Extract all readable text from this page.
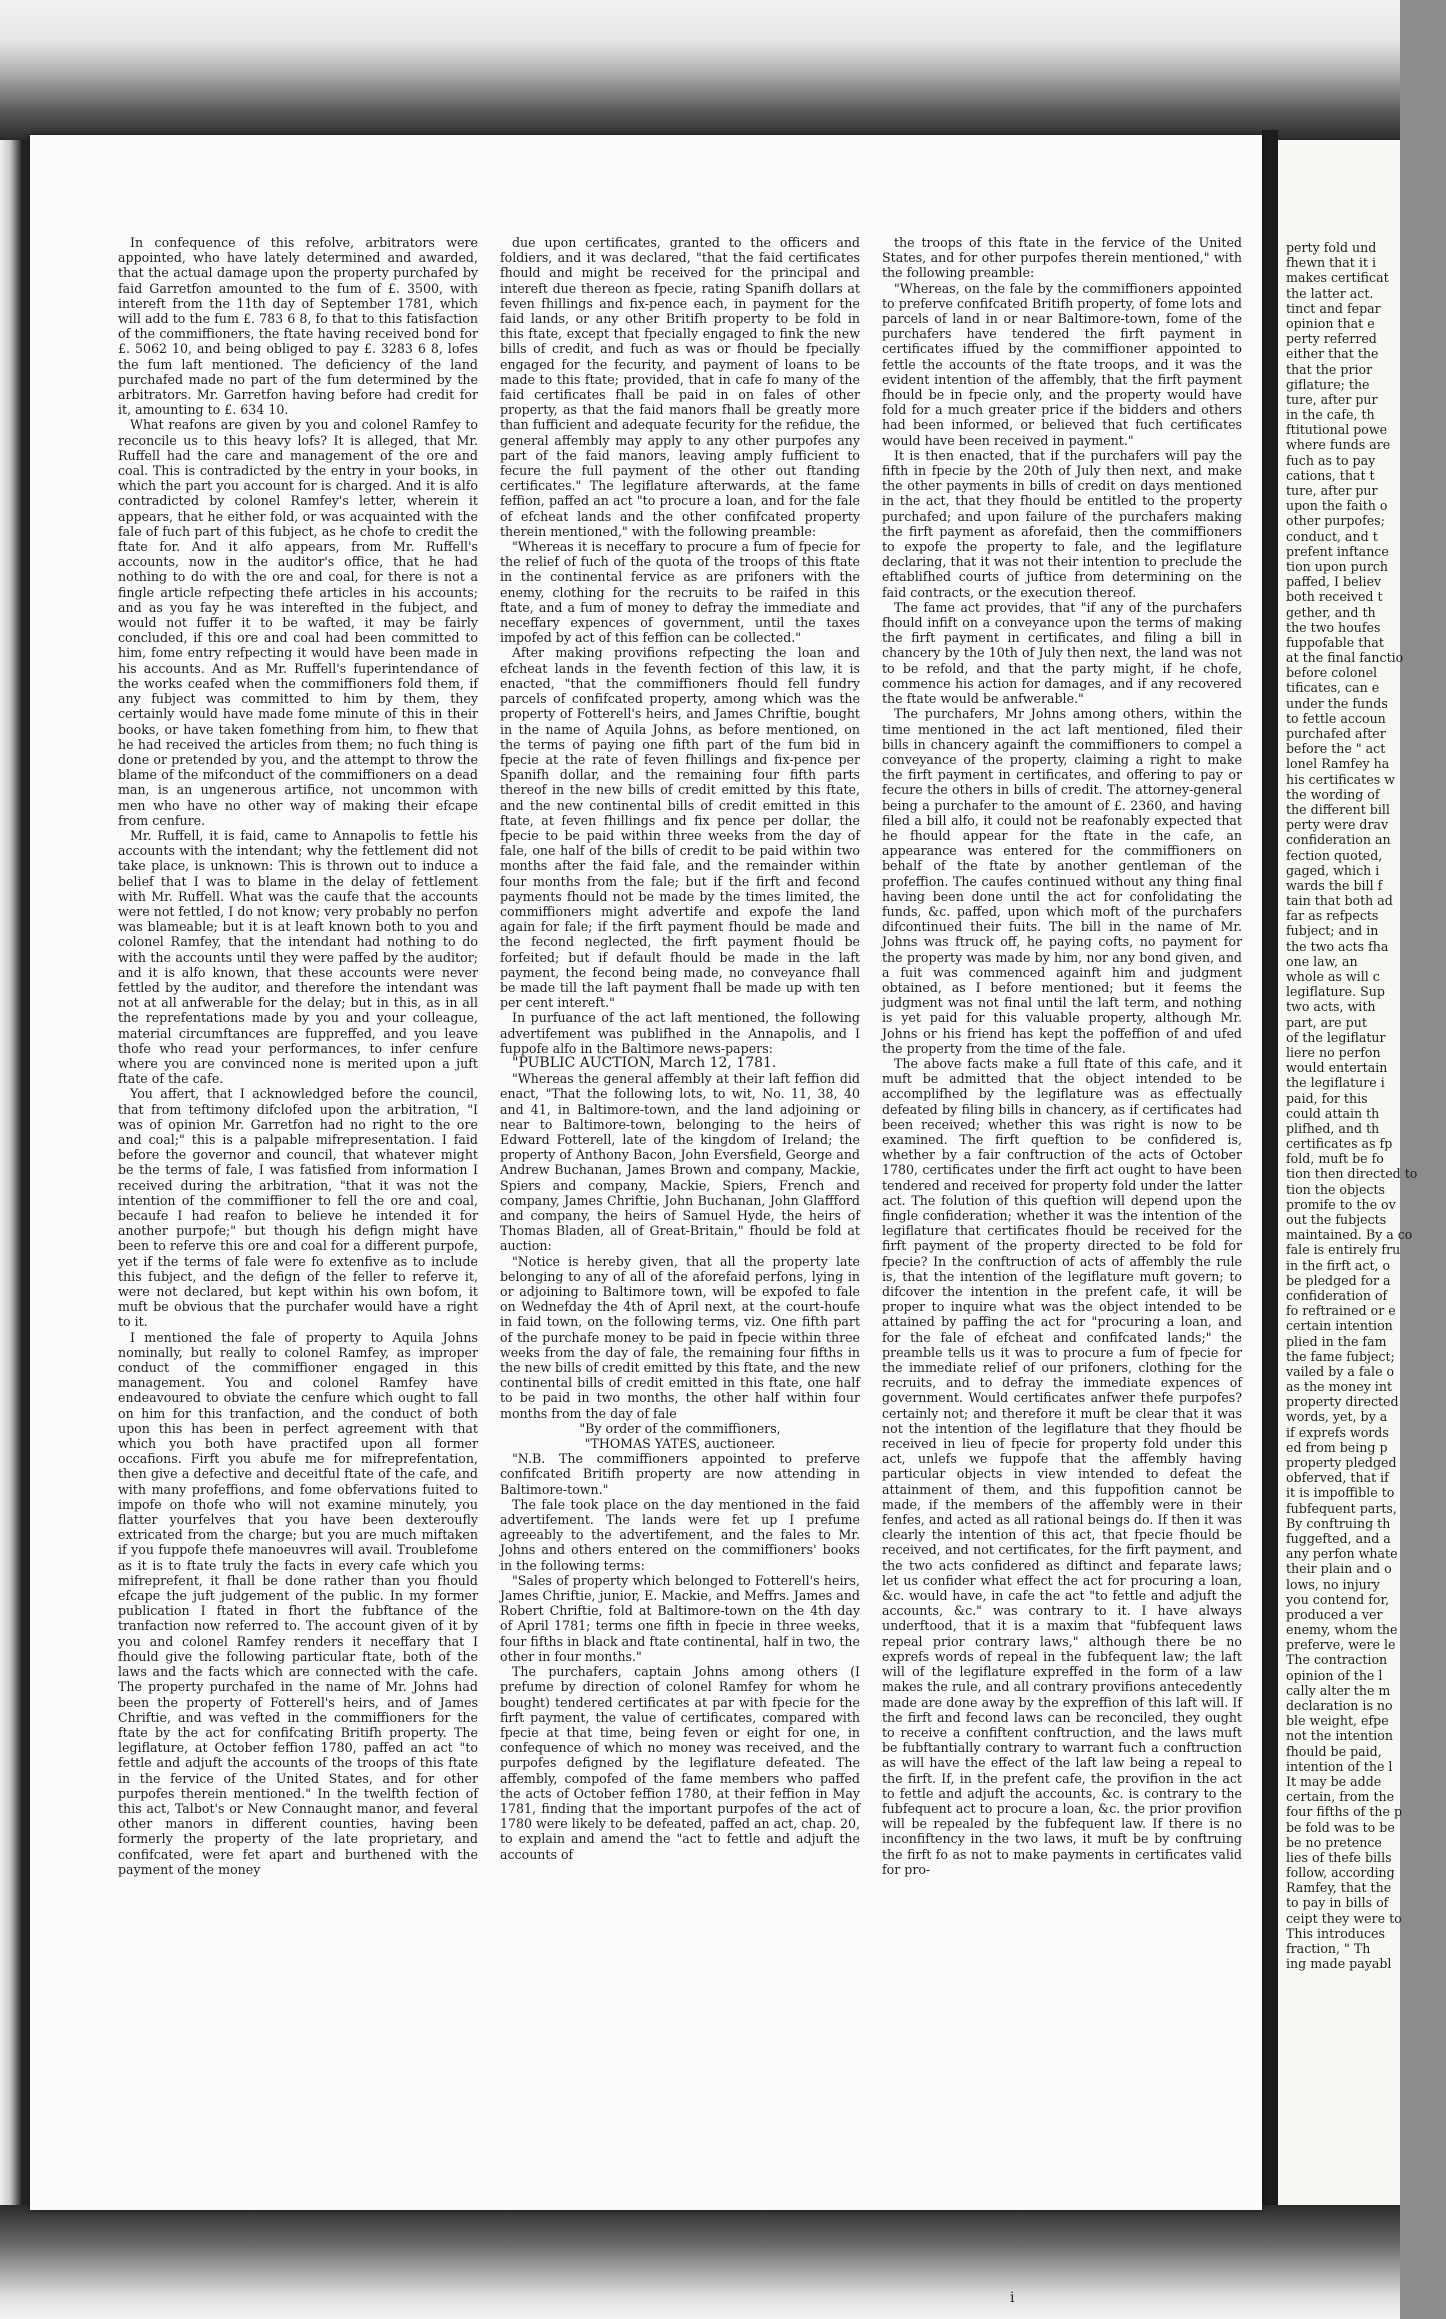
In confequence of this refolve, arbitrators were appointed, who have lately determined and awarded, that the actual damage upon the property purchafed by faid Garretfon amounted to the fum of £. 3500, with intereft from the 11th day of September 1781, which will add to the fum £. 783 6 8, fo that to this fatisfaction of the commiffioners, the ftate having received bond for £. 5062 10, and being obliged to pay £. 3283 6 8, lofes the fum laft mentioned. The deficiency of the land purchafed made no part of the fum determined by the arbitrators. Mr. Garretfon having before had credit for it, amounting to £. 634 10.

What reafons are given by you and colonel Ramfey to reconcile us to this heavy lofs? It is alleged, that Mr. Ruffell had the care and management of the ore and coal. This is contradicted by the entry in your books, in which the part you account for is charged. And it is alfo contradicted by colonel Ramfey's letter, wherein it appears, that he either fold, or was acquainted with the fale of fuch part of this fubject, as he chofe to credit the ftate for. And it alfo appears, from Mr. Ruffell's accounts, now in the auditor's office, that he had nothing to do with the ore and coal, for there is not a fingle article refpecting thefe articles in his accounts; and as you fay he was interefted in the fubject, and would not fuffer it to be wafted, it may be fairly concluded, if this ore and coal had been committed to him, fome entry refpecting it would have been made in his accounts. And as Mr. Ruffell's fuperintendance of the works ceafed when the commiffioners fold them, if any fubject was committed to him by them, they certainly would have made fome minute of this in their books, or have taken fomething from him, to fhew that he had received the articles from them; no fuch thing is done or pretended by you, and the attempt to throw the blame of the mifconduct of the commiffioners on a dead man, is an ungenerous artifice, not uncommon with men who have no other way of making their efcape from cenfure.

Mr. Ruffell, it is faid, came to Annapolis to fettle his accounts with the intendant; why the fettlement did not take place, is unknown: This is thrown out to induce a belief that I was to blame in the delay of fettlement with Mr. Ruffell. What was the caufe that the accounts were not fettled, I do not know; very probably no perfon was blameable; but it is at leaft known both to you and colonel Ramfey, that the intendant had nothing to do with the accounts until they were paffed by the auditor; and it is alfo known, that these accounts were never fettled by the auditor, and therefore the intendant was not at all anfwerable for the delay; but in this, as in all the reprefentations made by you and your colleague, material circumftances are fuppreffed, and you leave thofe who read your performances, to infer cenfure where you are convinced none is merited upon a juft ftate of the cafe.

You affert, that I acknowledged before the council, that from teftimony difclofed upon the arbitration, "I was of opinion Mr. Garretfon had no right to the ore and coal;" this is a palpable mifrepresentation. I faid before the governor and council, that whatever might be the terms of fale, I was fatisfied from information I received during the arbitration, "that it was not the intention of the commiffioner to fell the ore and coal, becaufe I had reafon to believe he intended it for another purpofe;" but though his defign might have been to referve this ore and coal for a different purpofe, yet if the terms of fale were fo extenfive as to include this fubject, and the defign of the feller to referve it, were not declared, but kept within his own bofom, it muft be obvious that the purchafer would have a right to it.

I mentioned the fale of property to Aquila Johns nominally, but really to colonel Ramfey, as improper conduct of the commiffioner engaged in this management. You and colonel Ramfey have endeavoured to obviate the cenfure which ought to fall on him for this tranfaction, and the conduct of both upon this has been in perfect agreement with that which you both have practifed upon all former occafions. Firft you abufe me for mifreprefentation, then give a defective and deceitful ftate of the cafe, and with many profeffions, and fome obfervations fuited to impofe on thofe who will not examine minutely, you flatter yourfelves that you have been dexteroufly extricated from the charge; but you are much miftaken if you fuppofe thefe manoeuvres will avail. Troublefome as it is to ftate truly the facts in every cafe which you mifreprefent, it fhall be done rather than you fhould efcape the juft judgement of the public. In my former publication I ftated in fhort the fubftance of the tranfaction now referred to. The account given of it by you and colonel Ramfey renders it neceffary that I fhould give the following particular ftate, both of the laws and the facts which are connected with the cafe. The property purchafed in the name of Mr. Johns had been the property of Fotterell's heirs, and of James Chriftie, and was vefted in the commiffioners for the ftate by the act for confifcating Britifh property. The legiflature, at October feffion 1780, paffed an act "to fettle and adjuft the accounts of the troops of this ftate in the fervice of the United States, and for other purpofes therein mentioned." In the twelfth fection of this act, Talbot's or New Connaught manor, and feveral other manors in different counties, having been formerly the property of the late proprietary, and confifcated, were fet apart and burthened with the payment of the money

due upon certificates, granted to the officers and foldiers, and it was declared, "that the faid certificates fhould and might be received for the principal and intereft due thereon as fpecie, rating Spanifh dollars at feven fhillings and fix-pence each, in payment for the faid lands, or any other Britifh property to be fold in this ftate, except that fpecially engaged to fink the new bills of credit, and fuch as was or fhould be fpecially engaged for the fecurity, and payment of loans to be made to this ftate; provided, that in cafe fo many of the faid certificates fhall be paid in on fales of other property, as that the faid manors fhall be greatly more than fufficient and adequate fecurity for the refidue, the general affembly may apply to any other purpofes any part of the faid manors, leaving amply fufficient to fecure the full payment of the other out ftanding certificates." The legiflature afterwards, at the fame feffion, paffed an act "to procure a loan, and for the fale of efcheat lands and the other confifcated property therein mentioned," with the following preamble:

"Whereas it is neceffary to procure a fum of fpecie for the relief of fuch of the quota of the troops of this ftate in the continental fervice as are prifoners with the enemy, clothing for the recruits to be raifed in this ftate, and a fum of money to defray the immediate and neceffary expences of government, until the taxes impofed by act of this feffion can be collected."

After making provifions refpecting the loan and efcheat lands in the feventh fection of this law, it is enacted, "that the commiffioners fhould fell fundry parcels of confifcated property, among which was the property of Fotterell's heirs, and James Chriftie, bought in the name of Aquila Johns, as before mentioned, on the terms of paying one fifth part of the fum bid in fpecie at the rate of feven fhillings and fix-pence per Spanifh dollar, and the remaining four fifth parts thereof in the new bills of credit emitted by this ftate, and the new continental bills of credit emitted in this ftate, at feven fhillings and fix pence per dollar, the fpecie to be paid within three weeks from the day of fale, one half of the bills of credit to be paid within two months after the faid fale, and the remainder within four months from the fale; but if the firft and fecond payments fhould not be made by the times limited, the commiffioners might advertife and expofe the land again for fale; if the firft payment fhould be made and the fecond neglected, the firft payment fhould be forfeited; but if default fhould be made in the laft payment, the fecond being made, no conveyance fhall be made till the laft payment fhall be made up with ten per cent intereft."

In purfuance of the act laft mentioned, the following advertifement was publifhed in the Annapolis, and I fuppofe alfo in the Baltimore news-papers:

"PUBLIC AUCTION, March 12, 1781.

"Whereas the general affembly at their laft feffion did enact, "That the following lots, to wit, No. 11, 38, 40 and 41, in Baltimore-town, and the land adjoining or near to Baltimore-town, belonging to the heirs of Edward Fotterell, late of the kingdom of Ireland; the property of Anthony Bacon, John Eversfield, George and Andrew Buchanan, James Brown and company, Mackie, Spiers and company, Mackie, Spiers, French and company, James Chriftie, John Buchanan, John Glaffford and company, the heirs of Samuel Hyde, the heirs of Thomas Bladen, all of Great-Britain," fhould be fold at auction:

"Notice is hereby given, that all the property late belonging to any of all of the aforefaid perfons, lying in or adjoining to Baltimore town, will be expofed to fale on Wednefday the 4th of April next, at the court-houfe in faid town, on the following terms, viz. One fifth part of the purchafe money to be paid in fpecie within three weeks from the day of fale, the remaining four fifths in the new bills of credit emitted by this ftate, and the new continental bills of credit emitted in this ftate, one half to be paid in two months, the other half within four months from the day of fale

"By order of the commiffioners,

"THOMAS YATES, auctioneer.

"N.B. The commiffioners appointed to preferve confifcated Britifh property are now attending in Baltimore-town."

The fale took place on the day mentioned in the faid advertifement. The lands were fet up I prefume agreeably to the advertifement, and the fales to Mr. Johns and others entered on the commiffioners' books in the following terms:

"Sales of property which belonged to Fotterell's heirs, James Chriftie, junior, E. Mackie, and Meffrs. James and Robert Chriftie, fold at Baltimore-town on the 4th day of April 1781; terms one fifth in fpecie in three weeks, four fifths in black and ftate continental, half in two, the other in four months."

The purchafers, captain Johns among others (I prefume by direction of colonel Ramfey for whom he bought) tendered certificates at par with fpecie for the firft payment, the value of certificates, compared with fpecie at that time, being feven or eight for one, in confequence of which no money was received, and the purpofes defigned by the legiflature defeated. The affembly, compofed of the fame members who paffed the acts of October feffion 1780, at their feffion in May 1781, finding that the important purpofes of the act of 1780 were likely to be defeated, paffed an act, chap. 20, to explain and amend the "act to fettle and adjuft the accounts of

the troops of this ftate in the fervice of the United States, and for other purpofes therein mentioned," with the following preamble:

"Whereas, on the fale by the commiffioners appointed to preferve confifcated Britifh property, of fome lots and parcels of land in or near Baltimore-town, fome of the purchafers have tendered the firft payment in certificates iffued by the commiffioner appointed to fettle the accounts of the ftate troops, and it was the evident intention of the affembly, that the firft payment fhould be in fpecie only, and the property would have fold for a much greater price if the bidders and others had been informed, or believed that fuch certificates would have been received in payment."

It is then enacted, that if the purchafers will pay the fifth in fpecie by the 20th of July then next, and make the other payments in bills of credit on days mentioned in the act, that they fhould be entitled to the property purchafed; and upon failure of the purchafers making the firft payment as aforefaid, then the commiffioners to expofe the property to fale, and the legiflature declaring, that it was not their intention to preclude the eftablifhed courts of juftice from determining on the faid contracts, or the execution thereof.

The fame act provides, that "if any of the purchafers fhould infift on a conveyance upon the terms of making the firft payment in certificates, and filing a bill in chancery by the 10th of July then next, the land was not to be refold, and that the party might, if he chofe, commence his action for damages, and if any recovered the ftate would be anfwerable."

The purchafers, Mr Johns among others, within the time mentioned in the act laft mentioned, filed their bills in chancery againft the commiffioners to compel a conveyance of the property, claiming a right to make the firft payment in certificates, and offering to pay or fecure the others in bills of credit. The attorney-general being a purchafer to the amount of £. 2360, and having filed a bill alfo, it could not be reafonably expected that he fhould appear for the ftate in the cafe, an appearance was entered for the commiffioners on behalf of the ftate by another gentleman of the profeffion. The caufes continued without any thing final having been done until the act for confolidating the funds, &c. paffed, upon which moft of the purchafers difcontinued their fuits. The bill in the name of Mr. Johns was ftruck off, he paying cofts, no payment for the property was made by him, nor any bond given, and a fuit was commenced againft him and judgment obtained, as I before mentioned; but it feems the judgment was not final until the laft term, and nothing is yet paid for this valuable property, although Mr. Johns or his friend has kept the poffeffion of and ufed the property from the time of the fale.

The above facts make a full ftate of this cafe, and it muft be admitted that the object intended to be accomplifhed by the legiflature was as effectually defeated by filing bills in chancery, as if certificates had been received; whether this was right is now to be examined. The firft queftion to be confidered is, whether by a fair conftruction of the acts of October 1780, certificates under the firft act ought to have been tendered and received for property fold under the latter act. The folution of this queftion will depend upon the fingle confideration; whether it was the intention of the legiflature that certificates fhould be received for the firft payment of the property directed to be fold for fpecie? In the conftruction of acts of affembly the rule is, that the intention of the legiflature muft govern; to difcover the intention in the prefent cafe, it will be proper to inquire what was the object intended to be attained by paffing the act for "procuring a loan, and for the fale of efcheat and confifcated lands;" the preamble tells us it was to procure a fum of fpecie for the immediate relief of our prifoners, clothing for the recruits, and to defray the immediate expences of government. Would certificates anfwer thefe purpofes? certainly not; and therefore it muft be clear that it was not the intention of the legiflature that they fhould be received in lieu of fpecie for property fold under this act, unlefs we fuppofe that the affembly having particular objects in view intended to defeat the attainment of them, and this fuppofition cannot be made, if the members of the affembly were in their fenfes, and acted as all rational beings do. If then it was clearly the intention of this act, that fpecie fhould be received, and not certificates, for the firft payment, and the two acts confidered as diftinct and feparate laws; let us confider what effect the act for procuring a loan, &c. would have, in cafe the act "to fettle and adjuft the accounts, &c." was contrary to it. I have always underftood, that it is a maxim that "fubfequent laws repeal prior contrary laws," although there be no exprefs words of repeal in the fubfequent law; the laft will of the legiflature expreffed in the form of a law makes the rule, and all contrary provifions antecedently made are done away by the expreffion of this laft will. If the firft and fecond laws can be reconciled, they ought to receive a confiftent conftruction, and the laws muft be fubftantially contrary to warrant fuch a conftruction as will have the effect of the laft law being a repeal to the firft. If, in the prefent cafe, the provifion in the act to fettle and adjuft the accounts, &c. is contrary to the fubfequent act to procure a loan, &c. the prior provifion will be repealed by the fubfequent law. If there is no inconfiftency in the two laws, it muft be by conftruing the firft fo as not to make payments in certificates valid for pro-

perty fold und
fhewn that it i
makes certificat
the latter act.
tinct and fepar
opinion that e
perty referred
either that the
that the prior
giflature; the
ture, after pur
in the cafe, th
ftitutional powe
where funds are
fuch as to pay
cations, that t
ture, after pur
upon the faith o
other purpofes;
conduct, and t
prefent inftance
tion upon purch
paffed, I believ
both received t
gether, and th
the two houfes
fuppofable that
at the final fanctio
before colonel
tificates, can e
under the funds
to fettle accoun
purchafed after
before the " act
lonel Ramfey ha
his certificates w
the wording of
the different bill
perty were drav
confideration an
fection quoted,
gaged, which i
wards the bill f
tain that both ad
far as refpects
fubject; and in
the two acts fha
one law, an
whole as will c
legiflature. Sup
two acts, with
part, are put
of the legiflatur
liere no perfon
would entertain
the legiflature i
paid, for this
could attain th
plifhed, and th
certificates as fp
fold, muft be fo
tion then directed to
tion the objects
promife to the ov
out the fubjects
maintained. By a co
fale is entirely fru
in the firft act, o
be pledged for a
confideration of
fo reftrained or e
certain intention
plied in the fam
the fame fubject;
vailed by a fale o
as the money int
property directed
words, yet, by a
if exprefs words
ed from being p
property pledged
obferved, that if
it is impoffible to
fubfequent parts,
By conftruing th
fuggefted, and a
any perfon whate
their plain and o
lows, no injury
you contend for,
produced a ver
enemy, whom the
preferve, were le
The contraction
opinion of the l
cally alter the m
declaration is no
ble weight, efpe
not the intention
fhould be paid,
intention of the l
It may be adde
certain, from the
four fifths of the p
be fold was to be
be no pretence
lies of thefe bills
follow, according
Ramfey, that the
to pay in bills of
ceipt they were to
This introduces
fraction, " Th
ing made payabl
i
